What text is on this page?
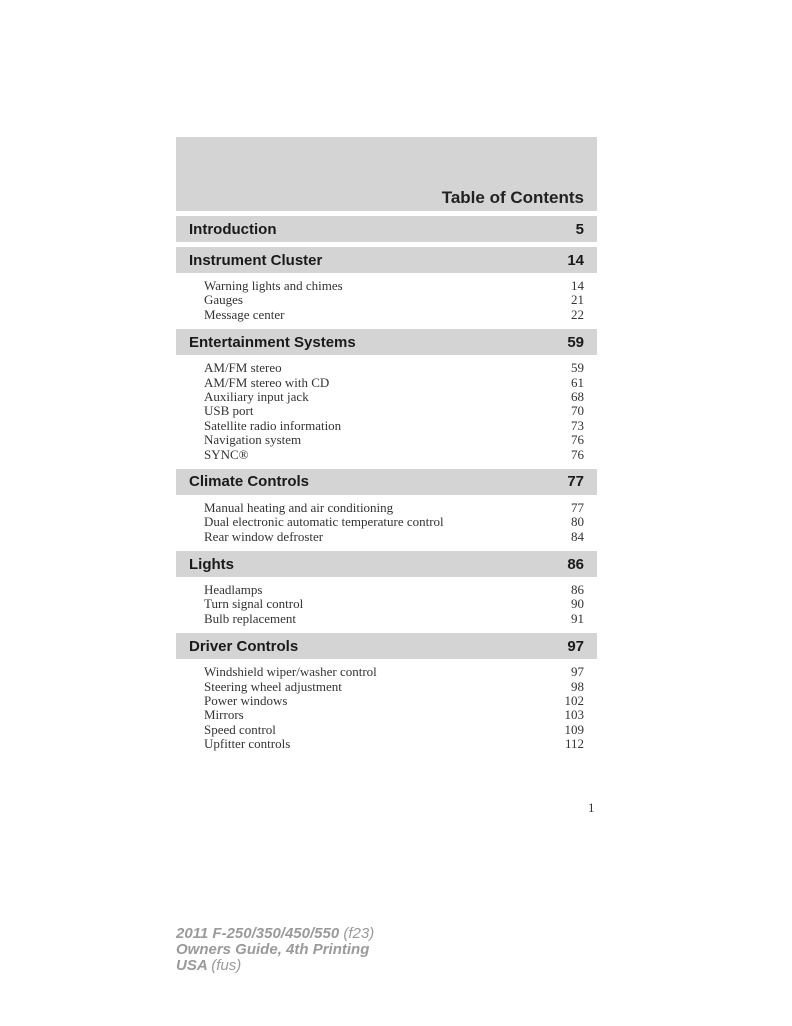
Table of Contents
Introduction	5
Instrument Cluster	14
Warning lights and chimes	14
Gauges	21
Message center	22
Entertainment Systems	59
AM/FM stereo	59
AM/FM stereo with CD	61
Auxiliary input jack	68
USB port	70
Satellite radio information	73
Navigation system	76
SYNC®	76
Climate Controls	77
Manual heating and air conditioning	77
Dual electronic automatic temperature control	80
Rear window defroster	84
Lights	86
Headlamps	86
Turn signal control	90
Bulb replacement	91
Driver Controls	97
Windshield wiper/washer control	97
Steering wheel adjustment	98
Power windows	102
Mirrors	103
Speed control	109
Upfitter controls	112
1
2011 F-250/350/450/550 (f23)
Owners Guide, 4th Printing
USA (fus)
